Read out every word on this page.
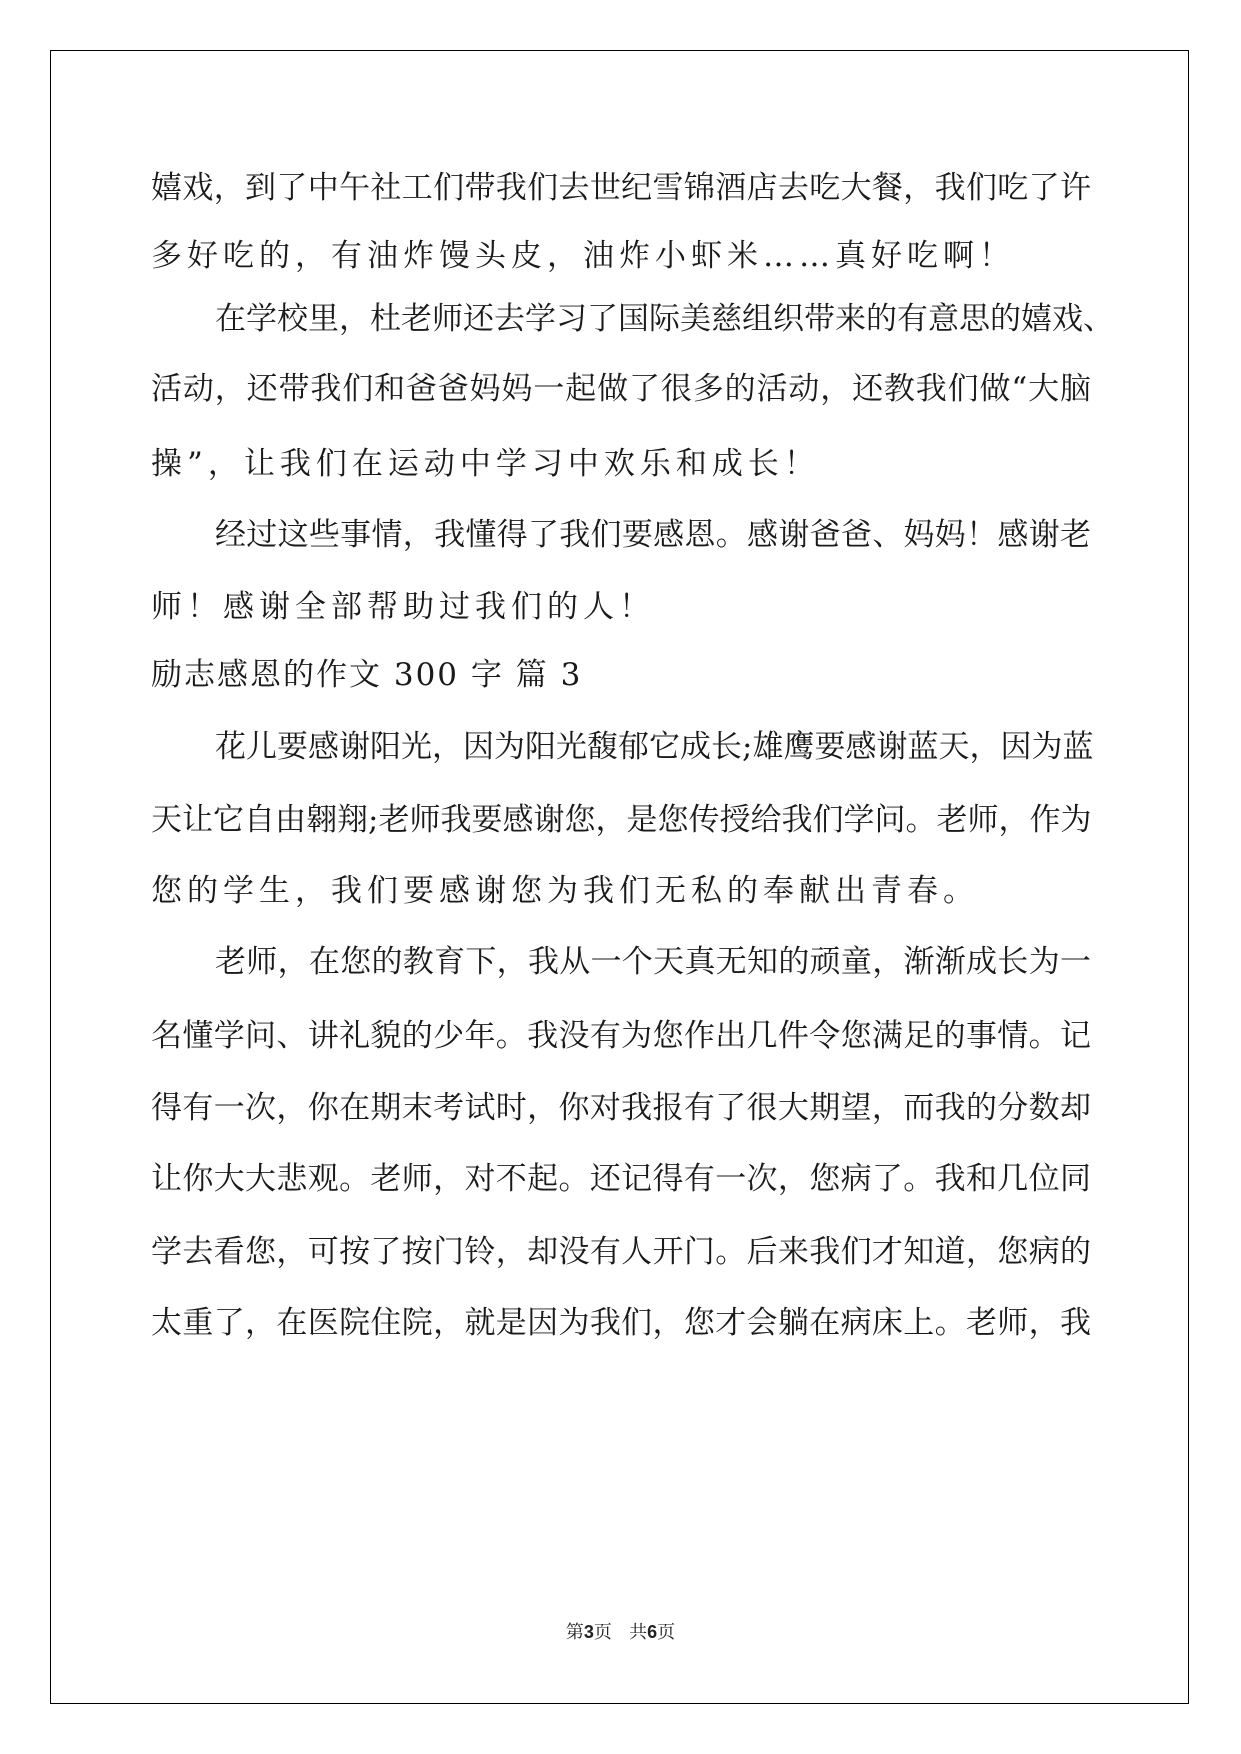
嬉戏，到了中午社工们带我们去世纪雪锦酒店去吃大餐，我们吃了许
多好吃的，有油炸馒头皮，油炸小虾米……真好吃啊！
在学校里，杜老师还去学习了国际美慈组织带来的有意思的嬉戏、
活动，还带我们和爸爸妈妈一起做了很多的活动，还教我们做“大脑
操”，让我们在运动中学习中欢乐和成长！
经过这些事情，我懂得了我们要感恩。感谢爸爸、妈妈！感谢老
师！感谢全部帮助过我们的人！
励志感恩的作文 300 字 篇 3
花儿要感谢阳光，因为阳光馥郁它成长;雄鹰要感谢蓝天，因为蓝
天让它自由翱翔;老师我要感谢您，是您传授给我们学问。老师，作为
您的学生，我们要感谢您为我们无私的奉献出青春。
老师，在您的教育下，我从一个天真无知的顽童，渐渐成长为一
名懂学问、讲礼貌的少年。我没有为您作出几件令您满足的事情。记
得有一次，你在期末考试时，你对我报有了很大期望，而我的分数却
让你大大悲观。老师，对不起。还记得有一次，您病了。我和几位同
学去看您，可按了按门铃，却没有人开门。后来我们才知道，您病的
太重了，在医院住院，就是因为我们，您才会躺在病床上。老师，我
第3页 共6页
